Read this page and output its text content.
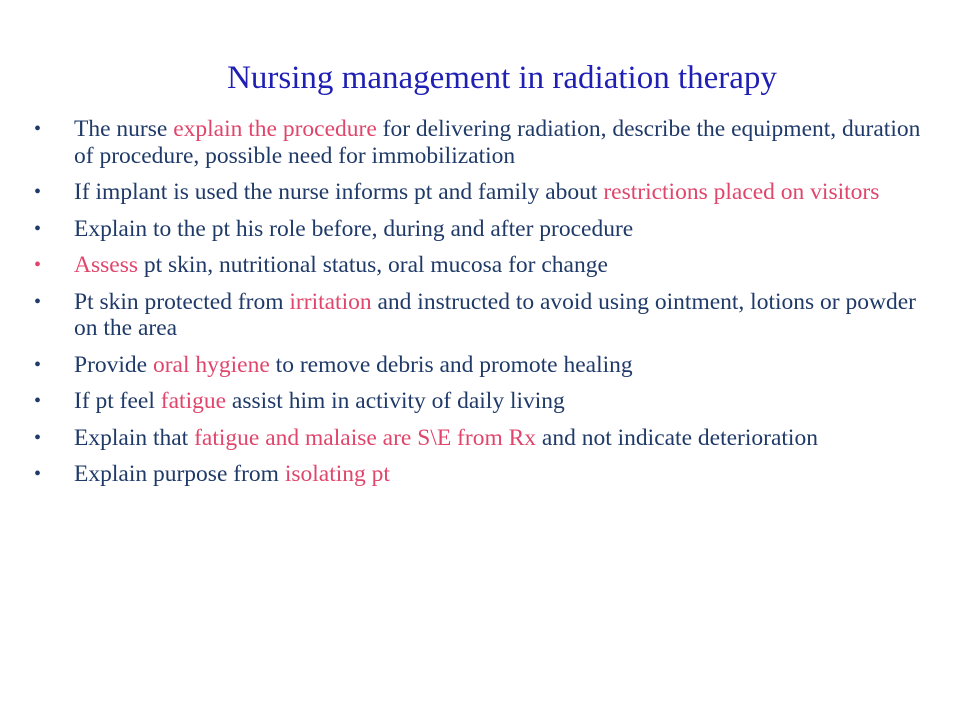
Nursing management in radiation therapy
•	The nurse explain the procedure for delivering radiation, describe the equipment, duration of procedure, possible need for immobilization
•	If implant is used the nurse informs pt and family about restrictions placed on visitors
•	Explain to the pt his role before, during and after procedure
•	Assess pt skin, nutritional status, oral mucosa for change
•	Pt skin protected from irritation and instructed to avoid using ointment, lotions or powder on the area
•	Provide oral hygiene to remove debris and promote healing
•	If pt feel fatigue assist him in activity of daily living
•	Explain that fatigue and malaise are S\E from Rx and not indicate deterioration
•	Explain purpose from isolating pt
